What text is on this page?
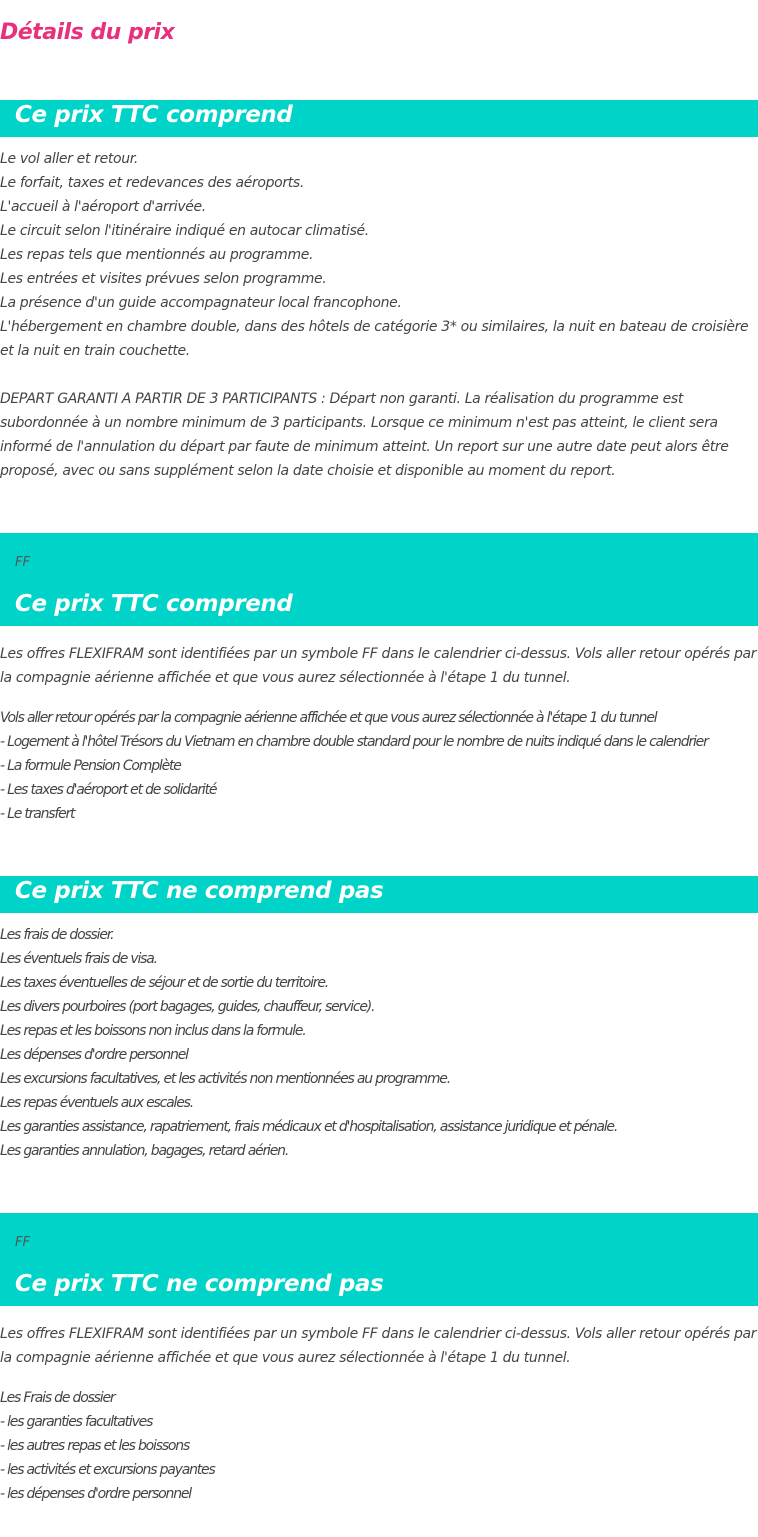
Détails du prix
Ce prix TTC comprend
Le vol aller et retour.
Le forfait, taxes et redevances des aéroports.
L'accueil à l'aéroport d'arrivée.
Le circuit selon l'itinéraire indiqué en autocar climatisé.
Les repas tels que mentionnés au programme.
Les entrées et visites prévues selon programme.
La présence d'un guide accompagnateur local francophone.
L'hébergement en chambre double, dans des hôtels de catégorie 3* ou similaires, la nuit en bateau de croisière et la nuit en train couchette.
DEPART GARANTI A PARTIR DE 3 PARTICIPANTS : Départ non garanti. La réalisation du programme est subordonnée à un nombre minimum de 3 participants. Lorsque ce minimum n'est pas atteint, le client sera informé de l'annulation du départ par faute de minimum atteint. Un report sur une autre date peut alors être proposé, avec ou sans supplément selon la date choisie et disponible au moment du report.
FF
Ce prix TTC comprend
Les offres FLEXIFRAM sont identifiées par un symbole FF dans le calendrier ci-dessus. Vols aller retour opérés par la compagnie aérienne affichée et que vous aurez sélectionnée à l'étape 1 du tunnel.
Vols aller retour opérés par la compagnie aérienne affichée et que vous aurez sélectionnée à l'étape 1 du tunnel
- Logement à l'hôtel Trésors du Vietnam en chambre double standard pour le nombre de nuits indiqué dans le calendrier
- La formule Pension Complète
- Les taxes d'aéroport et de solidarité
- Le transfert
Ce prix TTC ne comprend pas
Les frais de dossier.
Les éventuels frais de visa.
Les taxes éventuelles de séjour et de sortie du territoire.
Les divers pourboires (port bagages, guides, chauffeur, service).
Les repas et les boissons non inclus dans la formule.
Les dépenses d'ordre personnel
Les excursions facultatives, et les activités non mentionnées au programme.
Les repas éventuels aux escales.
Les garanties assistance, rapatriement, frais médicaux et d'hospitalisation, assistance juridique et pénale.
Les garanties annulation, bagages, retard aérien.
FF
Ce prix TTC ne comprend pas
Les offres FLEXIFRAM sont identifiées par un symbole FF dans le calendrier ci-dessus. Vols aller retour opérés par la compagnie aérienne affichée et que vous aurez sélectionnée à l'étape 1 du tunnel.
Les Frais de dossier
- les garanties facultatives
- les autres repas et les boissons
- les activités et excursions payantes
- les dépenses d'ordre personnel
